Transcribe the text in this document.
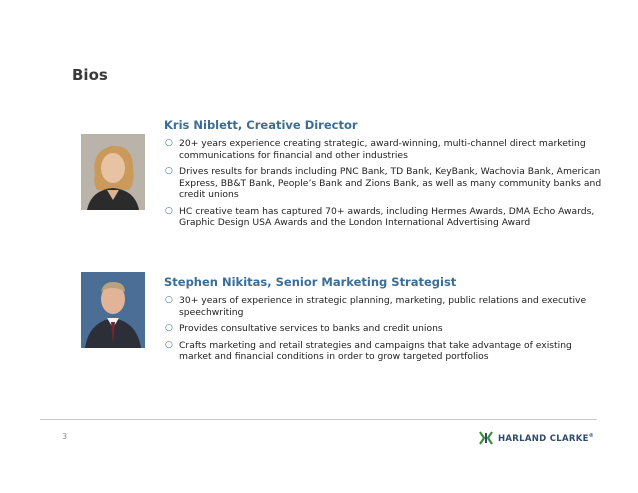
Bios
Kris Niblett, Creative Director
○ 20+ years experience creating strategic, award-winning, multi-channel direct marketing communications for financial and other industries
○ Drives results for brands including PNC Bank, TD Bank, KeyBank, Wachovia Bank, American Express, BB&T Bank, People’s Bank and Zions Bank, as well as many community banks and credit unions
○ HC creative team has captured 70+ awards, including Hermes Awards, DMA Echo Awards, Graphic Design USA Awards and the London International Advertising Award
Stephen Nikitas, Senior Marketing Strategist
○ 30+ years of experience in strategic planning, marketing, public relations and executive speechwriting
○ Provides consultative services to banks and credit unions
○ Crafts marketing and retail strategies and campaigns that take advantage of existing market and financial conditions in order to grow targeted portfolios
3	HARLAND CLARKE®
